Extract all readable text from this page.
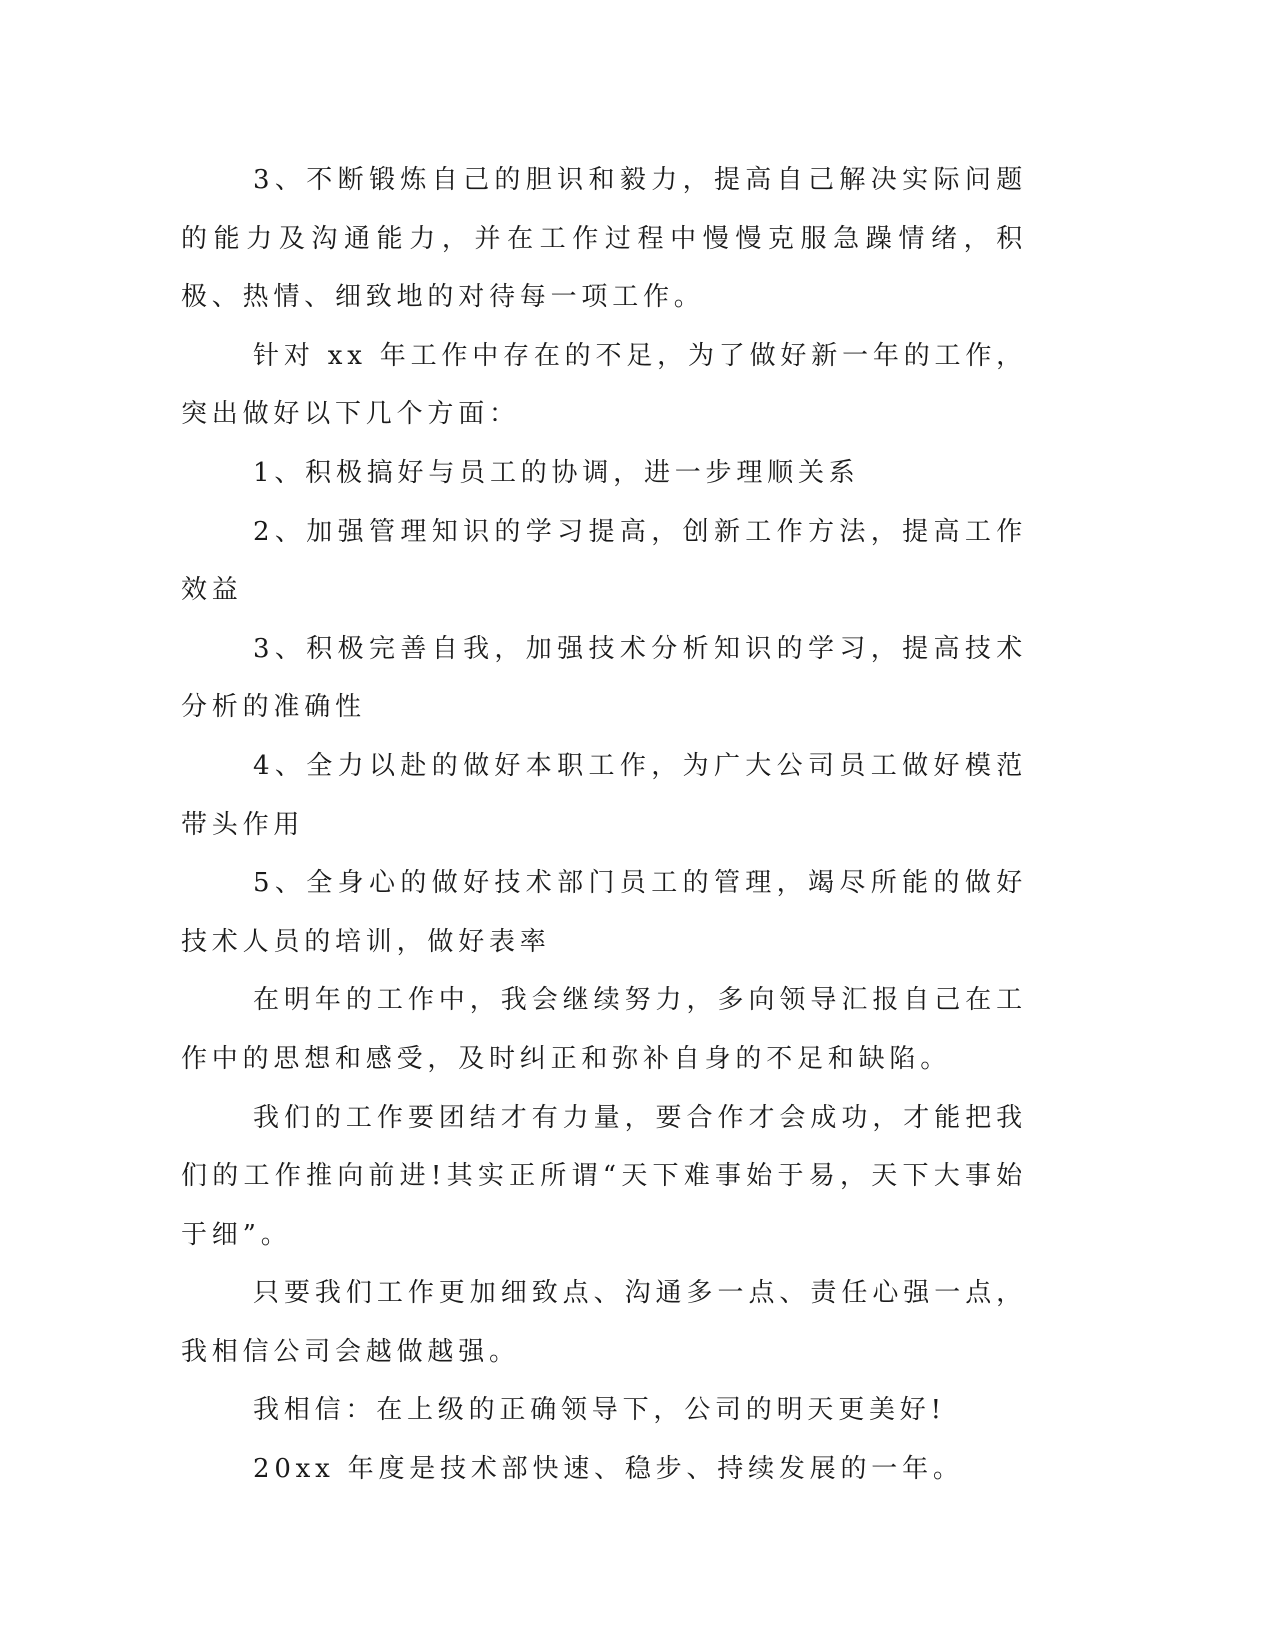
3、不断锻炼自己的胆识和毅力，提高自己解决实际问题的能力及沟通能力，并在工作过程中慢慢克服急躁情绪，积极、热情、细致地的对待每一项工作。

针对 xx 年工作中存在的不足，为了做好新一年的工作，突出做好以下几个方面：

1、积极搞好与员工的协调，进一步理顺关系

2、加强管理知识的学习提高，创新工作方法，提高工作效益

3、积极完善自我，加强技术分析知识的学习，提高技术分析的准确性

4、全力以赴的做好本职工作，为广大公司员工做好模范带头作用

5、全身心的做好技术部门员工的管理，竭尽所能的做好技术人员的培训，做好表率

在明年的工作中，我会继续努力，多向领导汇报自己在工作中的思想和感受，及时纠正和弥补自身的不足和缺陷。

我们的工作要团结才有力量，要合作才会成功，才能把我们的工作推向前进!其实正所谓“天下难事始于易，天下大事始于细”。

只要我们工作更加细致点、沟通多一点、责任心强一点，我相信公司会越做越强。

我相信：在上级的正确领导下，公司的明天更美好!

20xx 年度是技术部快速、稳步、持续发展的一年。
